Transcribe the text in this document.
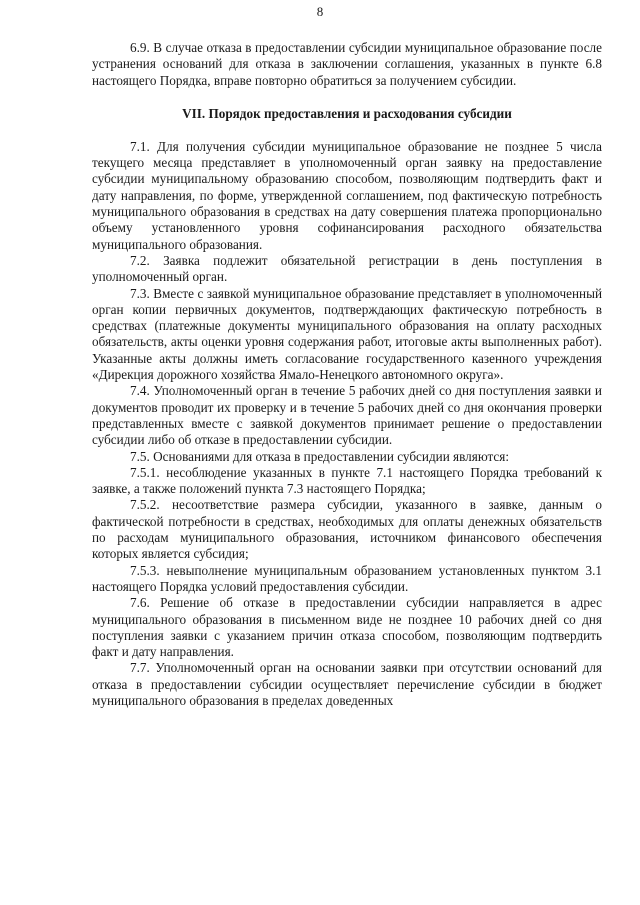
8

6.9. В случае отказа в предоставлении субсидии муниципальное образование после устранения оснований для отказа в заключении соглашения, указанных в пункте 6.8 настоящего Порядка, вправе повторно обратиться за получением субсидии.

VII. Порядок предоставления и расходования субсидии

7.1. Для получения субсидии муниципальное образование не позднее 5 числа текущего месяца представляет в уполномоченный орган заявку на предоставление субсидии муниципальному образованию способом, позволяющим подтвердить факт и дату направления, по форме, утвержденной соглашением, под фактическую потребность муниципального образования в средствах на дату совершения платежа пропорционально объему установленного уровня софинансирования расходного обязательства муниципального образования.

7.2. Заявка подлежит обязательной регистрации в день поступления в уполномоченный орган.

7.3. Вместе с заявкой муниципальное образование представляет в уполномоченный орган копии первичных документов, подтверждающих фактическую потребность в средствах (платежные документы муниципального образования на оплату расходных обязательств, акты оценки уровня содержания работ, итоговые акты выполненных работ). Указанные акты должны иметь согласование государственного казенного учреждения «Дирекция дорожного хозяйства Ямало-Ненецкого автономного округа».

7.4. Уполномоченный орган в течение 5 рабочих дней со дня поступления заявки и документов проводит их проверку и в течение 5 рабочих дней со дня окончания проверки представленных вместе с заявкой документов принимает решение о предоставлении субсидии либо об отказе в предоставлении субсидии.

7.5. Основаниями для отказа в предоставлении субсидии являются:

7.5.1. несоблюдение указанных в пункте 7.1 настоящего Порядка требований к заявке, а также положений пункта 7.3 настоящего Порядка;

7.5.2. несоответствие размера субсидии, указанного в заявке, данным о фактической потребности в средствах, необходимых для оплаты денежных обязательств по расходам муниципального образования, источником финансового обеспечения которых является субсидия;

7.5.3. невыполнение муниципальным образованием установленных пунктом 3.1 настоящего Порядка условий предоставления субсидии.

7.6. Решение об отказе в предоставлении субсидии направляется в адрес муниципального образования в письменном виде не позднее 10 рабочих дней со дня поступления заявки с указанием причин отказа способом, позволяющим подтвердить факт и дату направления.

7.7. Уполномоченный орган на основании заявки при отсутствии оснований для отказа в предоставлении субсидии осуществляет перечисление субсидии в бюджет муниципального образования в пределах доведенных
